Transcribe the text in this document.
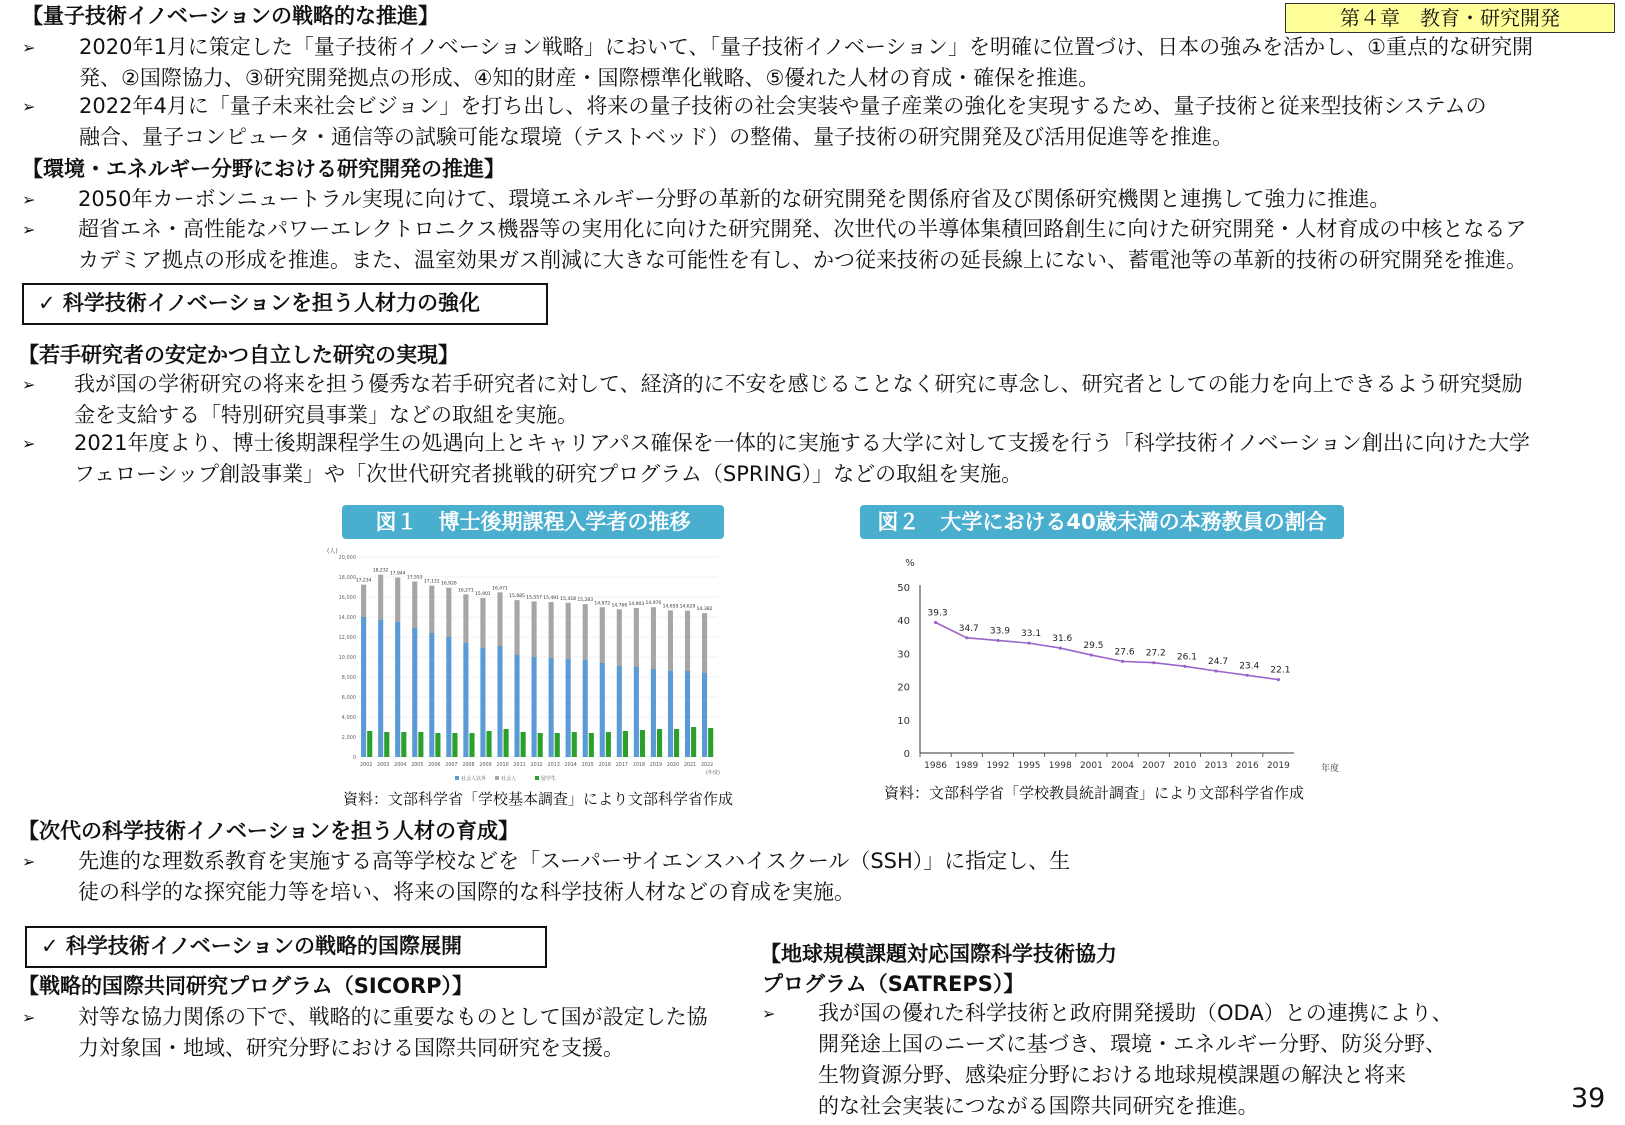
第４章　教育・研究開発
【量子技術イノベーションの戦略的な推進】
➢ 2020年1月に策定した「量子技術イノベーション戦略」において、「量子技術イノベーション」を明確に位置づけ、日本の強みを活かし、①重点的な研究開
発、②国際協力、③研究開発拠点の形成、④知的財産・国際標準化戦略、⑤優れた人材の育成・確保を推進。
➢ 2022年4月に「量子未来社会ビジョン」を打ち出し、将来の量子技術の社会実装や量子産業の強化を実現するため、量子技術と従来型技術システムの
融合、量子コンピュータ・通信等の試験可能な環境（テストベッド）の整備、量子技術の研究開発及び活用促進等を推進。
【環境・エネルギー分野における研究開発の推進】
➢ 2050年カーボンニュートラル実現に向けて、環境エネルギー分野の革新的な研究開発を関係府省及び関係研究機関と連携して強力に推進。
➢ 超省エネ・高性能なパワーエレクトロニクス機器等の実用化に向けた研究開発、次世代の半導体集積回路創生に向けた研究開発・人材育成の中核となるア
カデミア拠点の形成を推進。また、温室効果ガス削減に大きな可能性を有し、かつ従来技術の延長線上にない、蓄電池等の革新的技術の研究開発を推進。
✓ 科学技術イノベーションを担う人材力の強化
【若手研究者の安定かつ自立した研究の実現】
➢ 我が国の学術研究の将来を担う優秀な若手研究者に対して、経済的に不安を感じることなく研究に専念し、研究者としての能力を向上できるよう研究奨励
金を支給する「特別研究員事業」などの取組を実施。
➢ 2021年度より、博士後期課程学生の処遇向上とキャリアパス確保を一体的に実施する大学に対して支援を行う「科学技術イノベーション創出に向けた大学
フェローシップ創設事業」や「次世代研究者挑戦的研究プログラム（SPRING）」などの取組を実施。
図１　博士後期課程入学者の推移
(人)
0
2,000
4,000
6,000
8,000
10,000
12,000
14,000
16,000
18,000
20,000
17,234
2002
18,232
2003
17,944
2004
17,553
2005
17,131
2006
16,926
2007
16,271
2008
15,901
2009
16,471
2010
15,685
2011
15,557
2012
15,491
2013
15,418
2014
15,283
2015
14,972
2016
14,766
2017
14,903
2018
14,976
2019
14,659
2020
14,629
2021
14,382
2022
(年度)
社会人以外	社会人	留学生
資料：文部科学省「学校基本調査」により文部科学省作成
図２　大学における40歳未満の本務教員の割合
%
0
10
20
30
40
50
1986 1989 1992 1995 1998 2001 2004 2007 2010 2013 2016 2019	年度
39.3
34.7 33.9 33.1 31.6
29.5
27.6 27.2 26.1 24.7 23.4 22.1
資料：文部科学省「学校教員統計調査」により文部科学省作成
【次代の科学技術イノベーションを担う人材の育成】
➢ 先進的な理数系教育を実施する高等学校などを「スーパーサイエンスハイスクール（SSH）」に指定し、生
徒の科学的な探究能力等を培い、将来の国際的な科学技術人材などの育成を実施。
✓ 科学技術イノベーションの戦略的国際展開
【戦略的国際共同研究プログラム（SICORP）】
➢ 対等な協力関係の下で、戦略的に重要なものとして国が設定した協
力対象国・地域、研究分野における国際共同研究を支援。
【地球規模課題対応国際科学技術協力
プログラム（SATREPS）】
➢ 我が国の優れた科学技術と政府開発援助（ODA）との連携により、
開発途上国のニーズに基づき、環境・エネルギー分野、防災分野、
生物資源分野、感染症分野における地球規模課題の解決と将来
的な社会実装につながる国際共同研究を推進。	39
